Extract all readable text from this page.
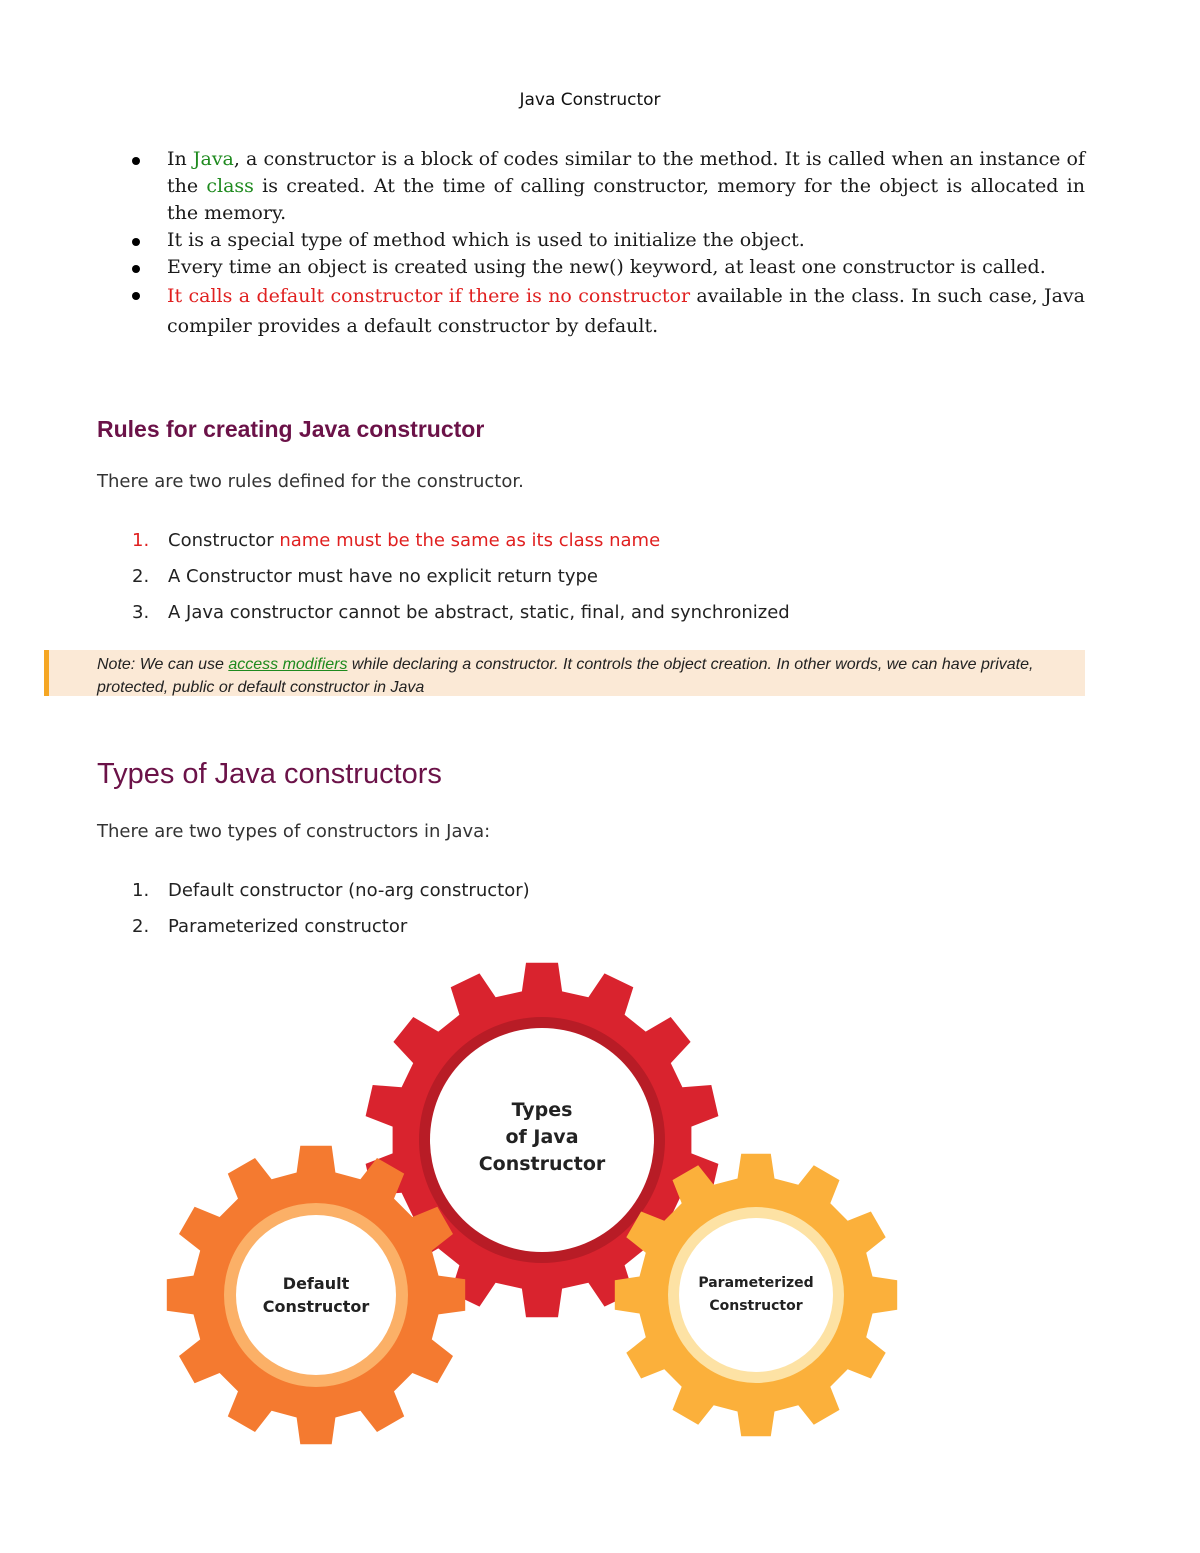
Java Constructor
In Java, a constructor is a block of codes similar to the method. It is called when an instance of the class is created. At the time of calling constructor, memory for the object is allocated in the memory.
It is a special type of method which is used to initialize the object.
Every time an object is created using the new() keyword, at least one constructor is called.
It calls a default constructor if there is no constructor available in the class. In such case, Java compiler provides a default constructor by default.
Rules for creating Java constructor

There are two rules defined for the constructor.

1. Constructor name must be the same as its class name
2. A Constructor must have no explicit return type
3. A Java constructor cannot be abstract, static, final, and synchronized
Note: We can use access modifiers while declaring a constructor. It controls the object creation. In other words, we can have private, protected, public or default constructor in Java
Types of Java constructors

There are two types of constructors in Java:

1. Default constructor (no-arg constructor)
2. Parameterized constructor
Types
of Java
Constructor
Default
Constructor
Parameterized
Constructor
